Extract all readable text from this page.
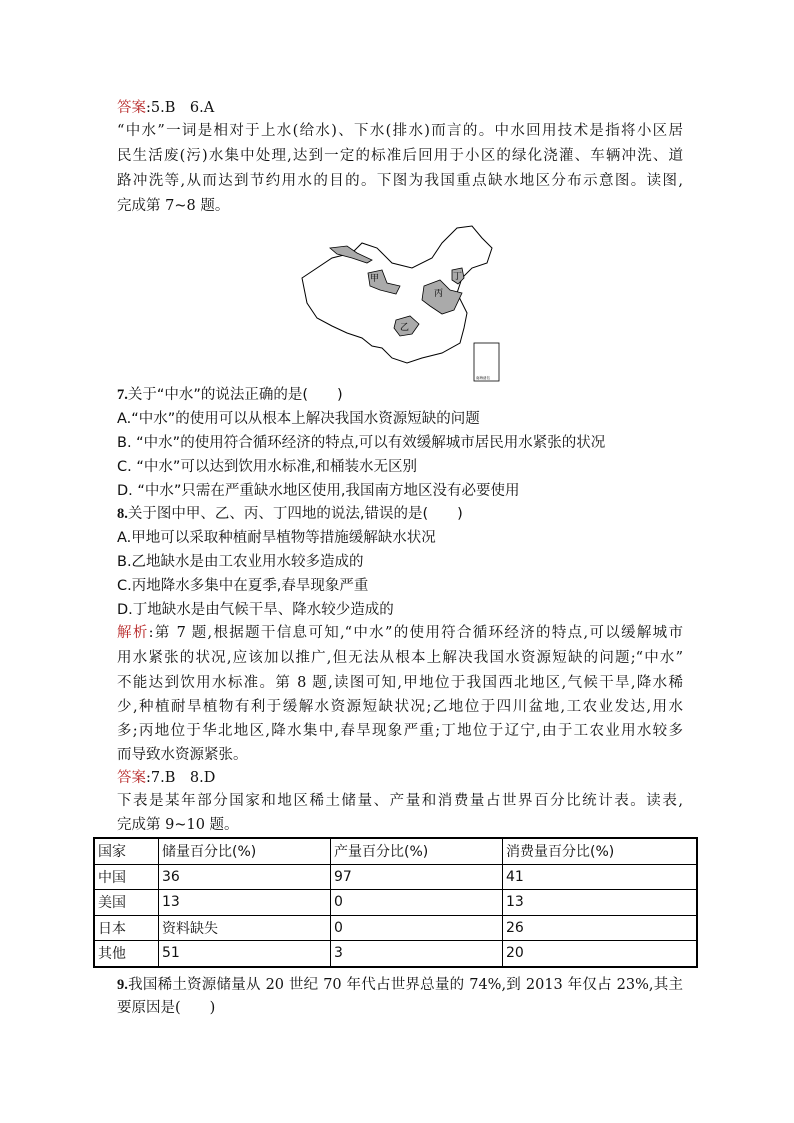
答案:5.B　6.A
“中水”一词是相对于上水(给水)、下水(排水)而言的。中水回用技术是指将小区居
民生活废(污)水集中处理,达到一定的标准后回用于小区的绿化浇灌、车辆冲洗、道
路冲洗等,从而达到节约用水的目的。下图为我国重点缺水地区分布示意图。读图,
完成第 7~8 题。
甲
乙
丙
丁
南海诸岛
7.关于“中水”的说法正确的是(　　)
A.“中水”的使用可以从根本上解决我国水资源短缺的问题
B. “中水”的使用符合循环经济的特点,可以有效缓解城市居民用水紧张的状况
C. “中水”可以达到饮用水标准,和桶装水无区别
D. “中水”只需在严重缺水地区使用,我国南方地区没有必要使用
8.关于图中甲、乙、丙、丁四地的说法,错误的是(　　)
A.甲地可以采取种植耐旱植物等措施缓解缺水状况
B.乙地缺水是由工农业用水较多造成的
C.丙地降水多集中在夏季,春旱现象严重
D.丁地缺水是由气候干旱、降水较少造成的
解析:第 7 题,根据题干信息可知,“中水”的使用符合循环经济的特点,可以缓解城市
用水紧张的状况,应该加以推广,但无法从根本上解决我国水资源短缺的问题;“中水”
不能达到饮用水标准。第 8 题,读图可知,甲地位于我国西北地区,气候干旱,降水稀
少,种植耐旱植物有利于缓解水资源短缺状况;乙地位于四川盆地,工农业发达,用水
多;丙地位于华北地区,降水集中,春旱现象严重;丁地位于辽宁,由于工农业用水较多
而导致水资源紧张。
答案:7.B　8.D
下表是某年部分国家和地区稀土储量、产量和消费量占世界百分比统计表。读表,
完成第 9~10 题。
国家	储量百分比(%)	产量百分比(%)	消费量百分比(%)
中国	36	97	41
美国	13	0	13
日本	资料缺失	0	26
其他	51	3	20
9.我国稀土资源储量从 20 世纪 70 年代占世界总量的 74%,到 2013 年仅占 23%,其主
要原因是(　　)
